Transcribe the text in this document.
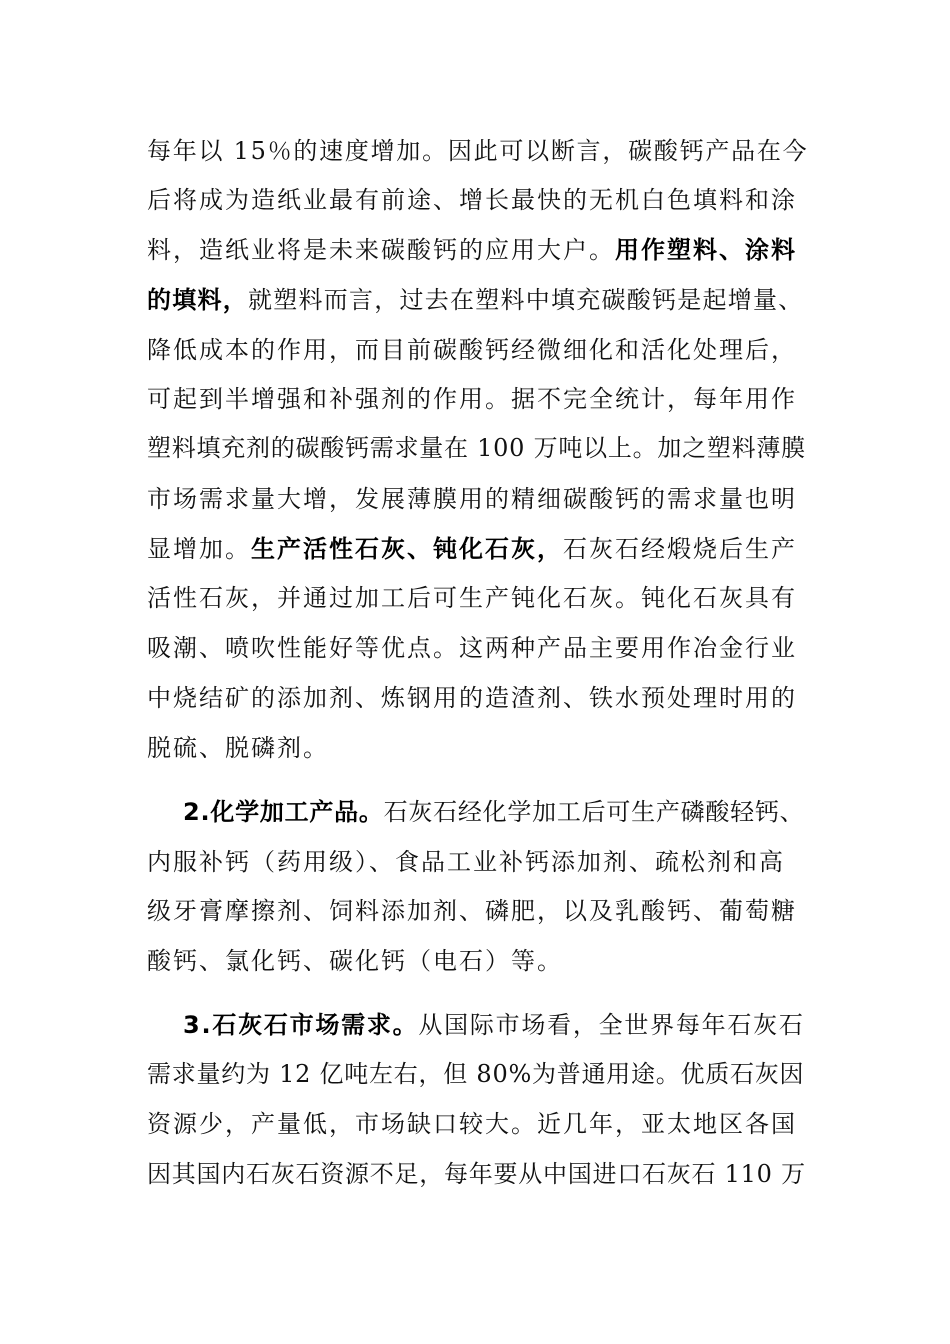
每年以 15％的速度增加。因此可以断言，碳酸钙产品在今
后将成为造纸业最有前途、增长最快的无机白色填料和涂
料，造纸业将是未来碳酸钙的应用大户。用作塑料、涂料
的填料，就塑料而言，过去在塑料中填充碳酸钙是起增量、
降低成本的作用，而目前碳酸钙经微细化和活化处理后，
可起到半增强和补强剂的作用。据不完全统计，每年用作
塑料填充剂的碳酸钙需求量在 100 万吨以上。加之塑料薄膜
市场需求量大增，发展薄膜用的精细碳酸钙的需求量也明
显增加。生产活性石灰、钝化石灰，石灰石经煅烧后生产
活性石灰，并通过加工后可生产钝化石灰。钝化石灰具有
吸潮、喷吹性能好等优点。这两种产品主要用作冶金行业
中烧结矿的添加剂、炼钢用的造渣剂、铁水预处理时用的
脱硫、脱磷剂。
2.化学加工产品。石灰石经化学加工后可生产磷酸轻钙、
内服补钙（药用级）、食品工业补钙添加剂、疏松剂和高
级牙膏摩擦剂、饲料添加剂、磷肥，以及乳酸钙、葡萄糖
酸钙、氯化钙、碳化钙（电石）等。
3.石灰石市场需求。从国际市场看，全世界每年石灰石
需求量约为 12 亿吨左右，但 80%为普通用途。优质石灰因
资源少，产量低，市场缺口较大。近几年，亚太地区各国
因其国内石灰石资源不足，每年要从中国进口石灰石 110 万
